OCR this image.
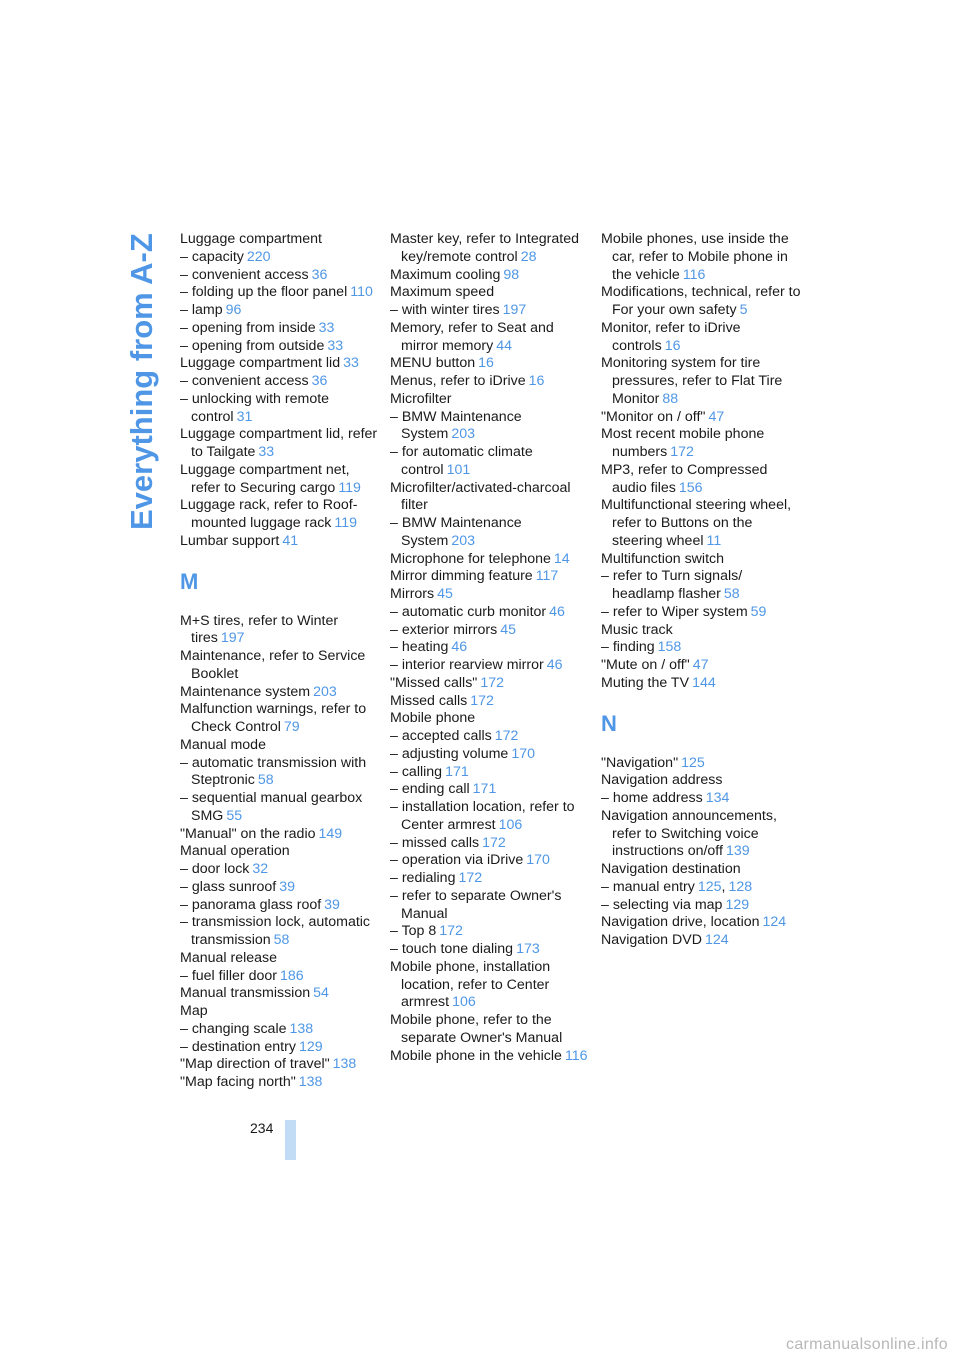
Everything from A-Z Luggage compartment
– capacity 220
– convenient access 36
– folding up the floor panel 110
– lamp 96
– opening from inside 33
– opening from outside 33
Luggage compartment lid 33
– convenient access 36
– unlocking with remote control 31
Luggage compartment lid, refer to Tailgate 33
Luggage compartment net, refer to Securing cargo 119
Luggage rack, refer to Roof-mounted luggage rack 119
Lumbar support 41
M
M+S tires, refer to Winter tires 197
Maintenance, refer to Service Booklet
Maintenance system 203
Malfunction warnings, refer to Check Control 79
Manual mode
– automatic transmission with Steptronic 58
– sequential manual gearbox SMG 55
"Manual" on the radio 149
Manual operation
– door lock 32
– glass sunroof 39
– panorama glass roof 39
– transmission lock, automatic transmission 58
Manual release
– fuel filler door 186
Manual transmission 54
Map
– changing scale 138
– destination entry 129
"Map direction of travel" 138
"Map facing north" 138
Master key, refer to Integrated key/remote control 28
Maximum cooling 98
Maximum speed
– with winter tires 197
Memory, refer to Seat and mirror memory 44
MENU button 16
Menus, refer to iDrive 16
Microfilter
– BMW Maintenance System 203
– for automatic climate control 101
Microfilter/activated-charcoal filter
– BMW Maintenance System 203
Microphone for telephone 14
Mirror dimming feature 117
Mirrors 45
– automatic curb monitor 46
– exterior mirrors 45
– heating 46
– interior rearview mirror 46
"Missed calls" 172
Missed calls 172
Mobile phone
– accepted calls 172
– adjusting volume 170
– calling 171
– ending call 171
– installation location, refer to Center armrest 106
– missed calls 172
– operation via iDrive 170
– redialing 172
– refer to separate Owner's Manual
– Top 8 172
– touch tone dialing 173
Mobile phone, installation location, refer to Center armrest 106
Mobile phone, refer to the separate Owner's Manual
Mobile phone in the vehicle 116
Mobile phones, use inside the car, refer to Mobile phone in the vehicle 116
Modifications, technical, refer to For your own safety 5
Monitor, refer to iDrive controls 16
Monitoring system for tire pressures, refer to Flat Tire Monitor 88
"Monitor on / off" 47
Most recent mobile phone numbers 172
MP3, refer to Compressed audio files 156
Multifunctional steering wheel, refer to Buttons on the steering wheel 11
Multifunction switch
– refer to Turn signals/ headlamp flasher 58
– refer to Wiper system 59
Music track
– finding 158
"Mute on / off" 47
Muting the TV 144
N
"Navigation" 125
Navigation address
– home address 134
Navigation announcements, refer to Switching voice instructions on/off 139
Navigation destination
– manual entry 125, 128
– selecting via map 129
Navigation drive, location 124
Navigation DVD 124
234
carmanualsonline.info
